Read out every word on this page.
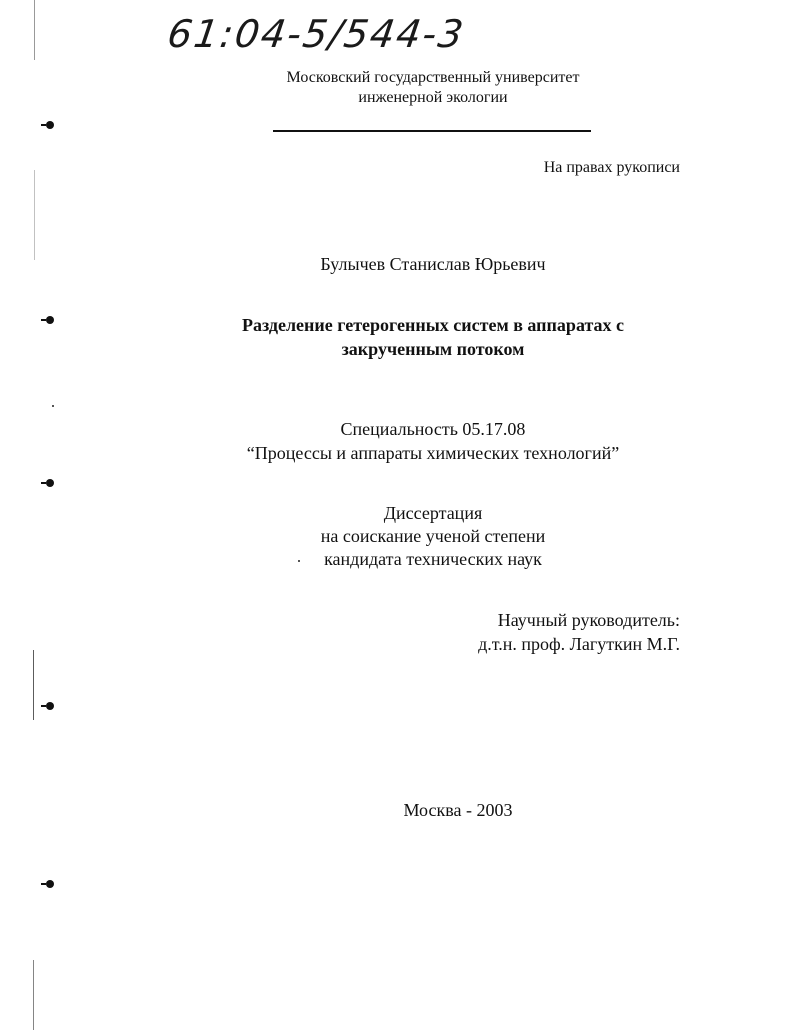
61:04-5/544-3
Московский государственный университет
инженерной экологии
На правах рукописи
Булычев Станислав Юрьевич
Разделение гетерогенных систем в аппаратах с
закрученным потоком
Специальность 05.17.08
“Процессы и аппараты химических технологий”
Диссертация
на соискание ученой степени
кандидата технических наук
Научный руководитель:
д.т.н. проф. Лагуткин М.Г.
Москва - 2003
